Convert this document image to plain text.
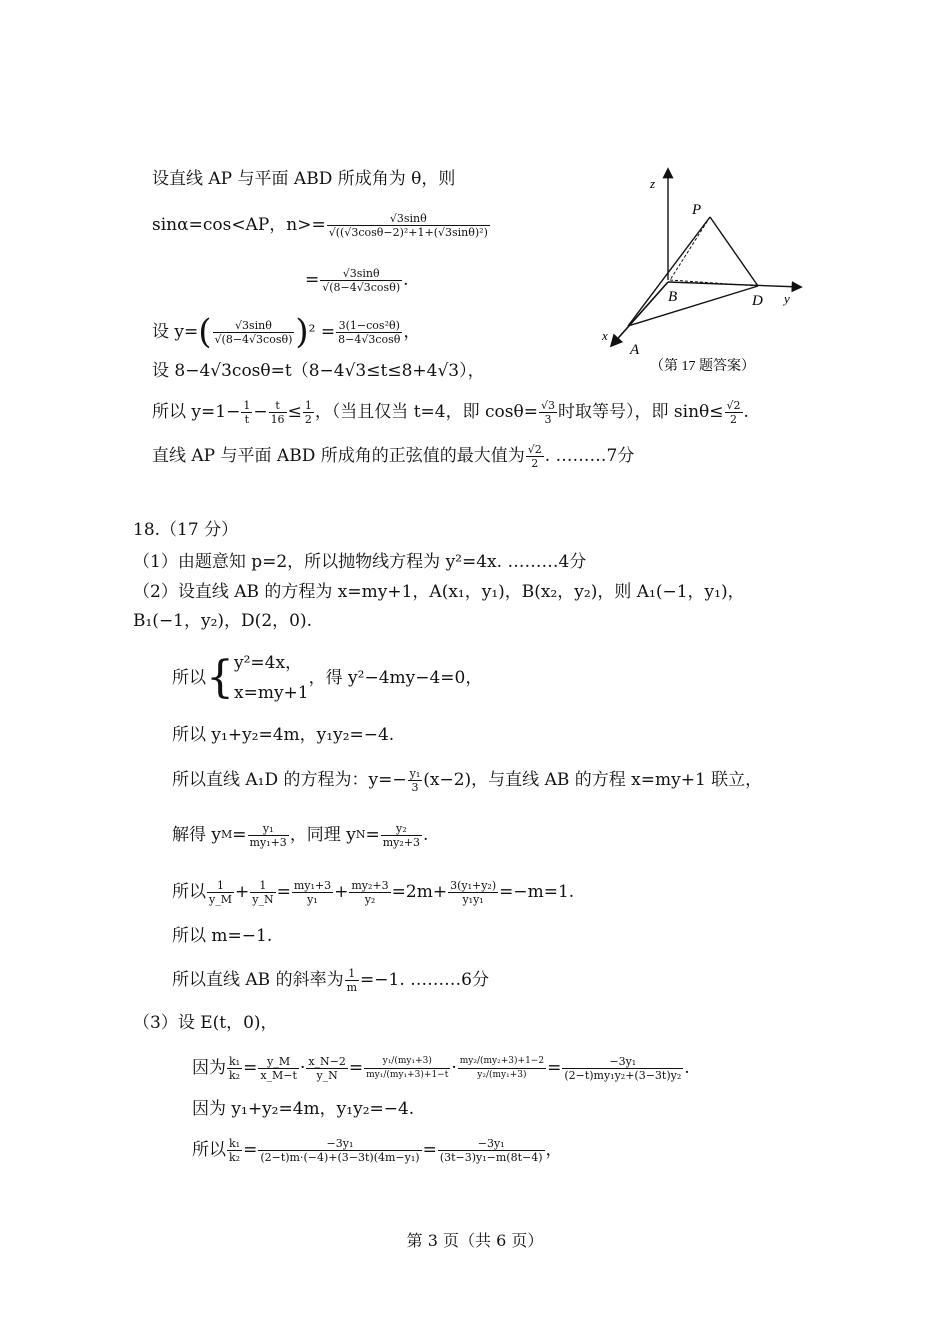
设直线 AP 与平面 ABD 所成角为 θ，则
sinα=cos<AP，$n>= \frac{√3\sin\theta}{\text{√((√3cosθ−2)²+1+(√3sinθ)²)}}$
= $\frac{√3\sin\theta}{√(8-4√3\cos\theta)}$ .
设 y= ( $\frac{√3\sin\theta}{√(8-4√3\cos\theta)}$ ) $^2 = \frac{\text{3(1−cos²θ)}}{8-4√3\cos\theta}$ ，
设 8−4√3cosθ=t（8−4√3≤t≤8+4√3），
所以 $y=1- \frac{1}{t} - \frac{t}{16} \le \frac{1}{2}$ ，（当且仅当 t=4，即 $\cos\theta= \frac{√3}{3}$ 时取等号），即 $\sin\theta\le \frac{√2}{2}$ .
直线 AP 与平面 ABD 所成角的正弦值的最大值为 $\frac{√2}{2}$ . ………7分
z
P
B	D y
x
A
（第 17 题答案）
18.（17 分）
（1）由题意知 p=2，所以抛物线方程为 y²=4x. ………4分
（2）设直线 AB 的方程为 x=my+1，A(x₁，y₁)，B(x₂，y₂)，则 A₁(−1，y₁)，
B₁(−1，y₂)，D(2，0).
所以 { y²=4x，
x=my+1
，得 y²−4my−4=0，
所以 y₁+y₂=4m，y₁y₂=−4.
所以直线 A₁D 的方程为：$y=- \frac{\text{y₁}}{3} (x-2)$，与直线 AB 的方程 x=my+1 联立，
解得 y $M = \frac{\text{y₁}}{\text{my₁+3}}$ ，同理 y $N = \frac{\text{y₂}}{\text{my₂+3}}$ .
所以 $\frac{1}{y\_M} + \frac{1}{y\_N} = \frac{\text{my₁+3}}{\text{y₁}} + \frac{\text{my₂+3}}{\text{y₂}} =2m+ \frac{\text{3(y₁+y₂)}}{\text{y₁y₁}} =-m=1$.
所以 m=−1.
所以直线 AB 的斜率为 $\frac{1}{m} =-1$. ………6分
（3）设 E(t，0)，
因为 $\frac{\text{k₁}}{\text{k₂}} = \frac{y\_M}{x\_M-t} \cdot \frac{x\_N-2}{y\_N} = \frac{\text{y₁/(my₁+3)}}{\text{my₁/(my₁+3)+1−t}} \cdot \frac{\text{my₂/(my₂+3)+1−2}}{\text{y₂/(my₁+3)}} = \frac{\text{−3y₁}}{\text{(2−t)my₁y₂+(3−3t)y₂}}$ .
因为 y₁+y₂=4m，y₁y₂=−4.
所以 $\frac{\text{k₁}}{\text{k₂}} = \frac{\text{−3y₁}}{\text{(2−t)m·(−4)+(3−3t)(4m−y₁)}} = \frac{\text{−3y₁}}{\text{(3t−3)y₁−m(8t−4)}}$ ，
第 3 页（共 6 页）
